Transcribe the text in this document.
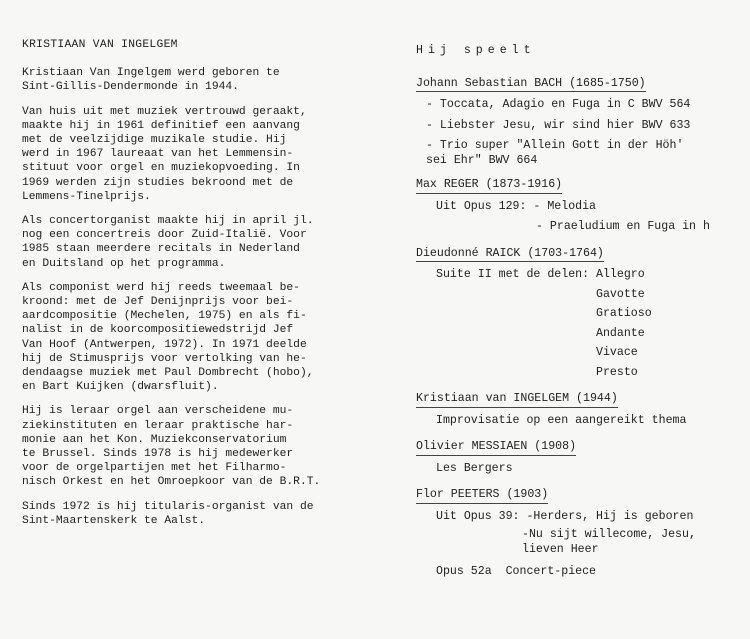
KRISTIAAN VAN INGELGEM
Kristiaan Van Ingelgem werd geboren te
Sint-Gillis-Dendermonde in 1944.
Van huis uit met muziek vertrouwd geraakt,
maakte hij in 1961 definitief een aanvang
met de veelzijdige muzikale studie. Hij
werd in 1967 laureaat van het Lemmensin-
stituut voor orgel en muziekopvoeding. In
1969 werden zijn studies bekroond met de
Lemmens-Tinelprijs.
Als concertorganist maakte hij in april jl.
nog een concertreis door Zuid-Italië. Voor
1985 staan meerdere recitals in Nederland
en Duitsland op het programma.
Als componist werd hij reeds tweemaal be-
kroond: met de Jef Denijnprijs voor bei-
aardcompositie (Mechelen, 1975) en als fi-
nalist in de koorcompositiewedstrijd Jef
Van Hoof (Antwerpen, 1972). In 1971 deelde
hij de Stimusprijs voor vertolking van he-
dendaagse muziek met Paul Dombrecht (hobo),
en Bart Kuijken (dwarsfluit).
Hij is leraar orgel aan verscheidene mu-
ziekinstituten en leraar praktische har-
monie aan het Kon. Muziekconservatorium
te Brussel. Sinds 1978 is hij medewerker
voor de orgelpartijen met het Filharmo-
nisch Orkest en het Omroepkoor van de B.R.T.
Sinds 1972 is hij titularis-organist van de
Sint-Maartenskerk te Aalst.
Hij speelt
Johann Sebastian BACH (1685-1750)
- Toccata, Adagio en Fuga in C BWV 564
- Liebster Jesu, wir sind hier BWV 633
- Trio super "Allein Gott in der Höh'
sei Ehr" BWV 664
Max REGER (1873-1916)
Uit Opus 129: - Melodia
- Praeludium en Fuga in h
Dieudonné RAICK (1703-1764)
Suite II met de delen: Allegro
Gavotte
Gratioso
Andante
Vivace
Presto
Kristiaan van INGELGEM (1944)
Improvisatie op een aangereikt thema
Olivier MESSIAEN (1908)
Les Bergers
Flor PEETERS (1903)
Uit Opus 39: -Herders, Hij is geboren
-Nu sijt willecome, Jesu,
lieven Heer
Opus 52a  Concert-piece
